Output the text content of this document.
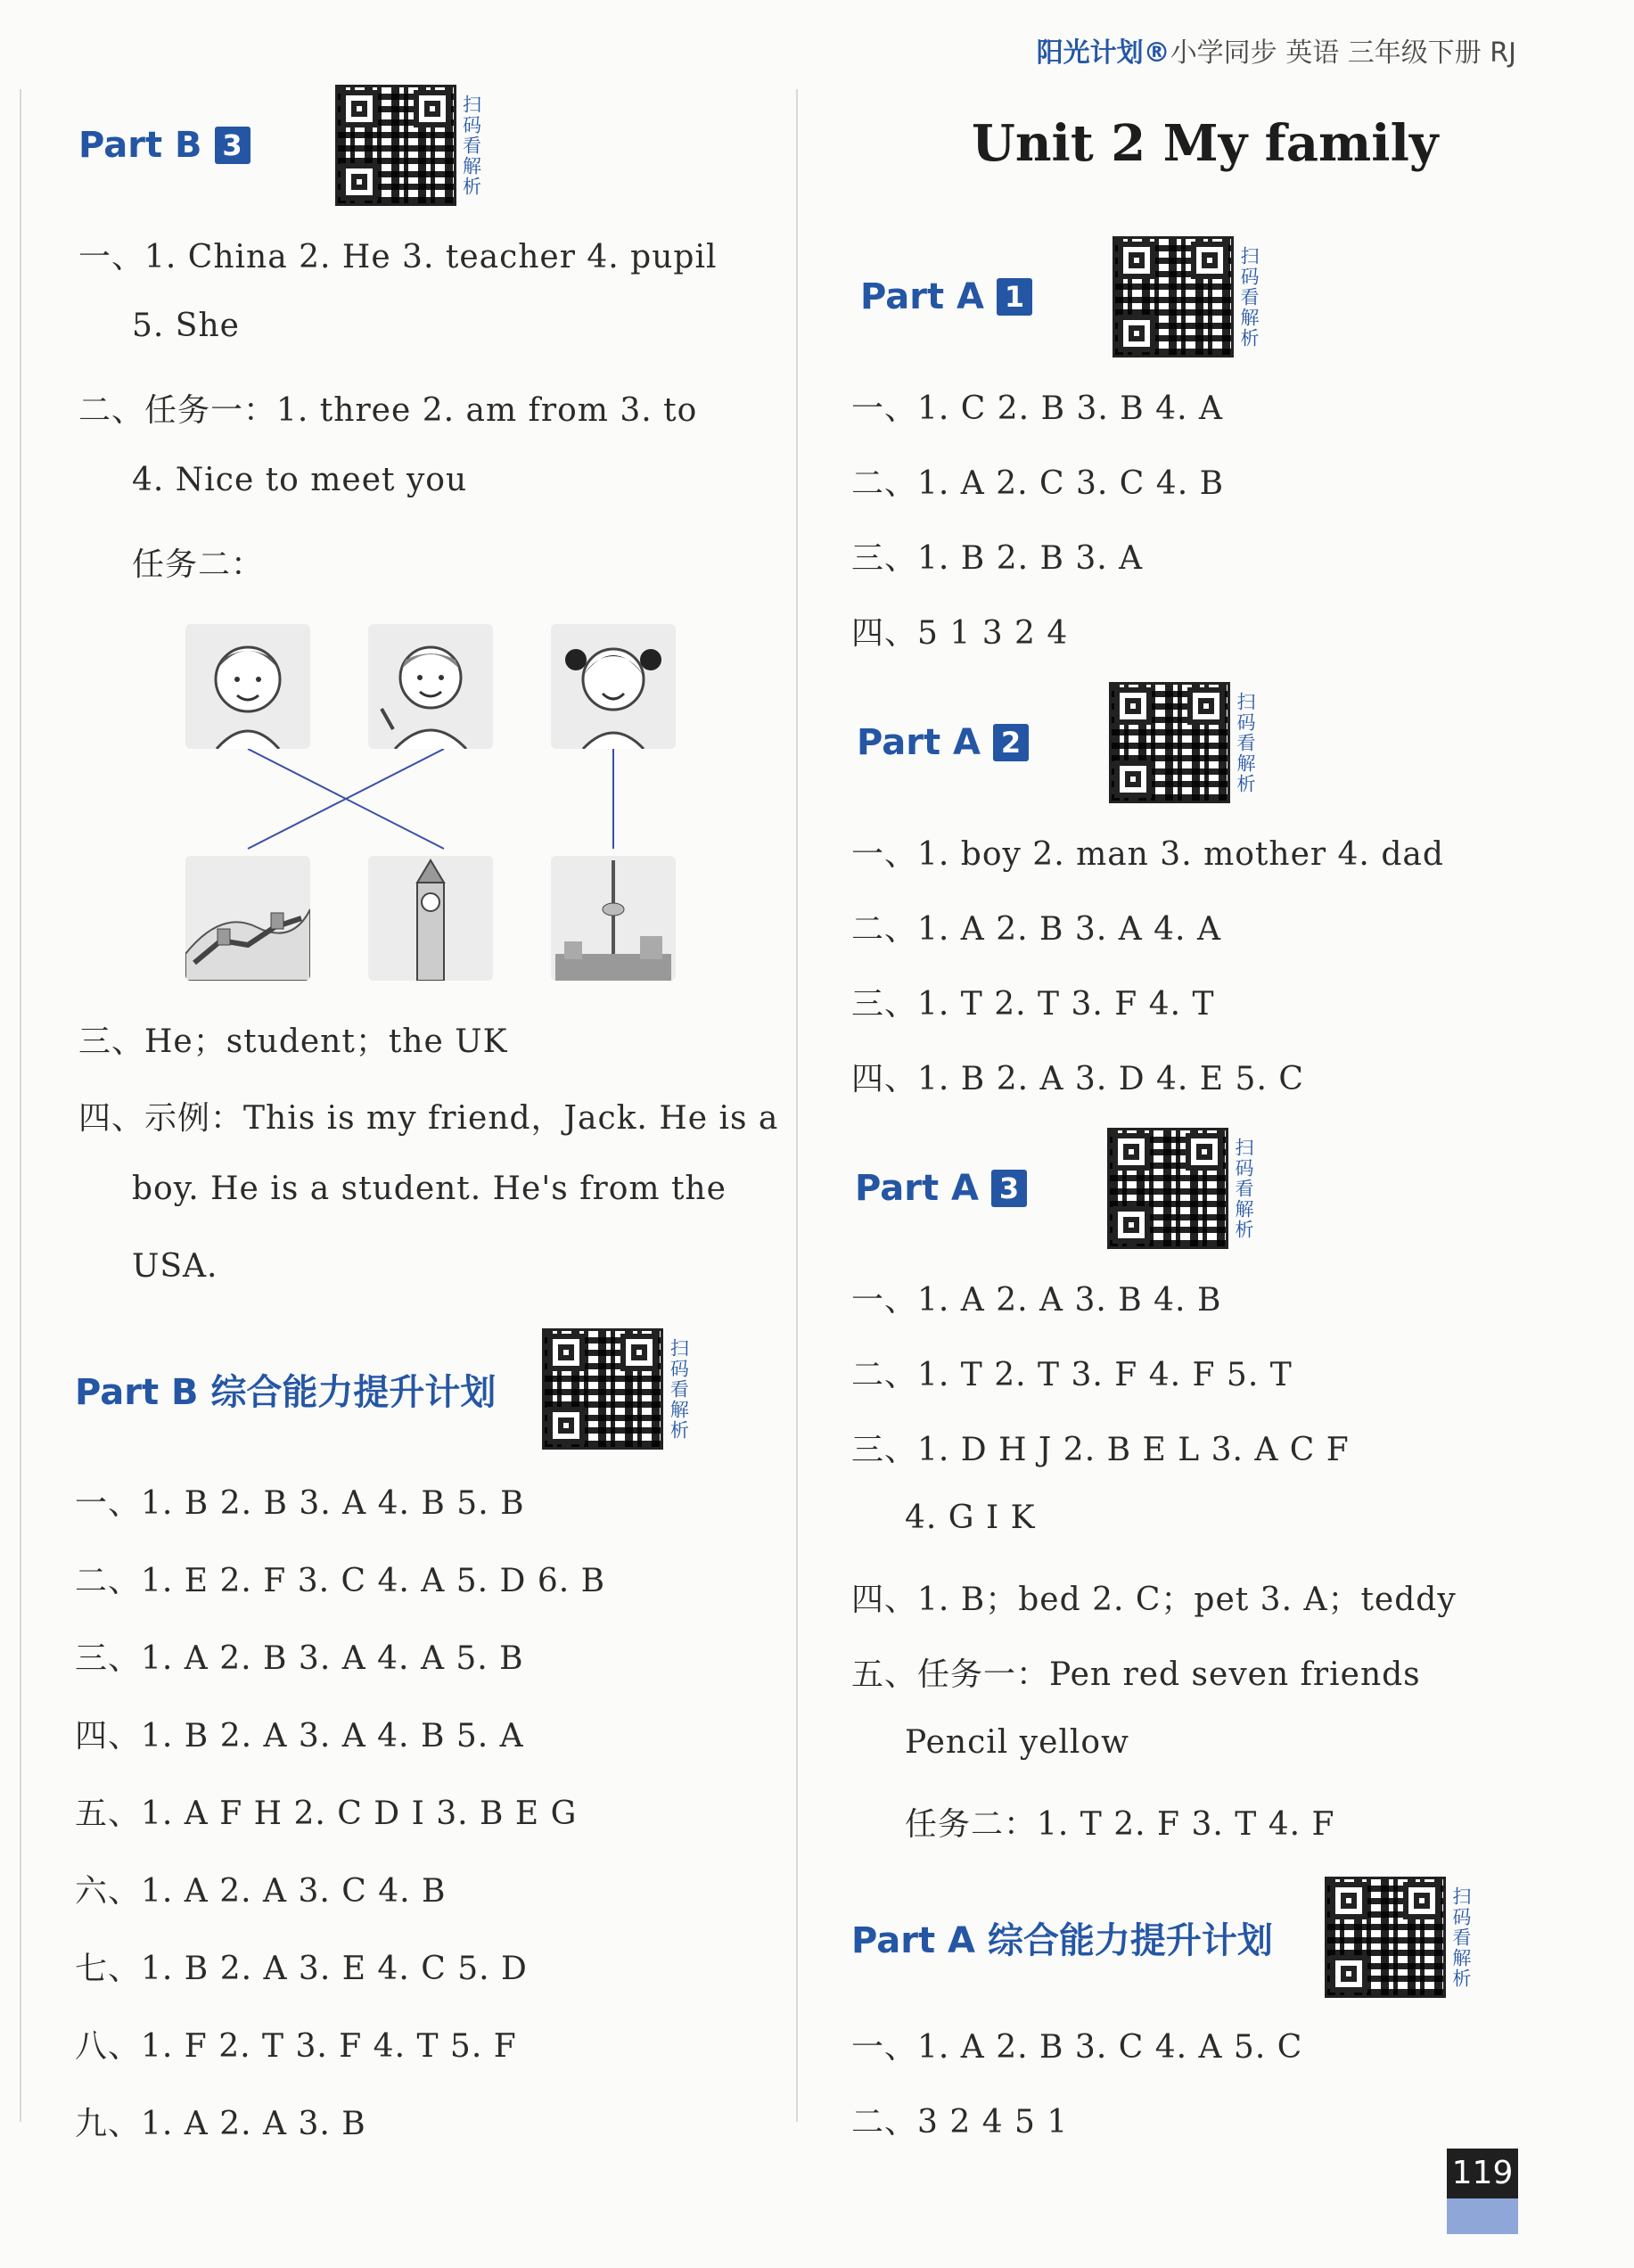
阳光计划®小学同步 英语 三年级下册 RJ
Part B 3	扫码看解析
一、1. China 2. He 3. teacher 4. pupil
5. She
二、任务一：1. three 2. am from 3. to
4. Nice to meet you
任务二：
三、He；student；the UK
四、示例：This is my friend，Jack. He is a
boy. He is a student. He's from the
USA.
Part B 综合能力提升计划	扫码看解析
一、1. B 2. B 3. A 4. B 5. B
二、1. E 2. F 3. C 4. A 5. D 6. B
三、1. A 2. B 3. A 4. A 5. B
四、1. B 2. A 3. A 4. B 5. A
五、1. A F H 2. C D I 3. B E G
六、1. A 2. A 3. C 4. B
七、1. B 2. A 3. E 4. C 5. D
八、1. F 2. T 3. F 4. T 5. F
九、1. A 2. A 3. B
Unit 2 My family
Part A 1	扫码看解析
一、1. C 2. B 3. B 4. A
二、1. A 2. C 3. C 4. B
三、1. B 2. B 3. A
四、5 1 3 2 4
Part A 2	扫码看解析
一、1. boy 2. man 3. mother 4. dad
二、1. A 2. B 3. A 4. A
三、1. T 2. T 3. F 4. T
四、1. B 2. A 3. D 4. E 5. C
Part A 3	扫码看解析
一、1. A 2. A 3. B 4. B
二、1. T 2. T 3. F 4. F 5. T
三、1. D H J 2. B E L 3. A C F
4. G I K
四、1. B；bed 2. C；pet 3. A；teddy
五、任务一：Pen red seven friends
Pencil yellow
任务二：1. T 2. F 3. T 4. F
Part A 综合能力提升计划	扫码看解析
一、1. A 2. B 3. C 4. A 5. C
二、3 2 4 5 1
119
